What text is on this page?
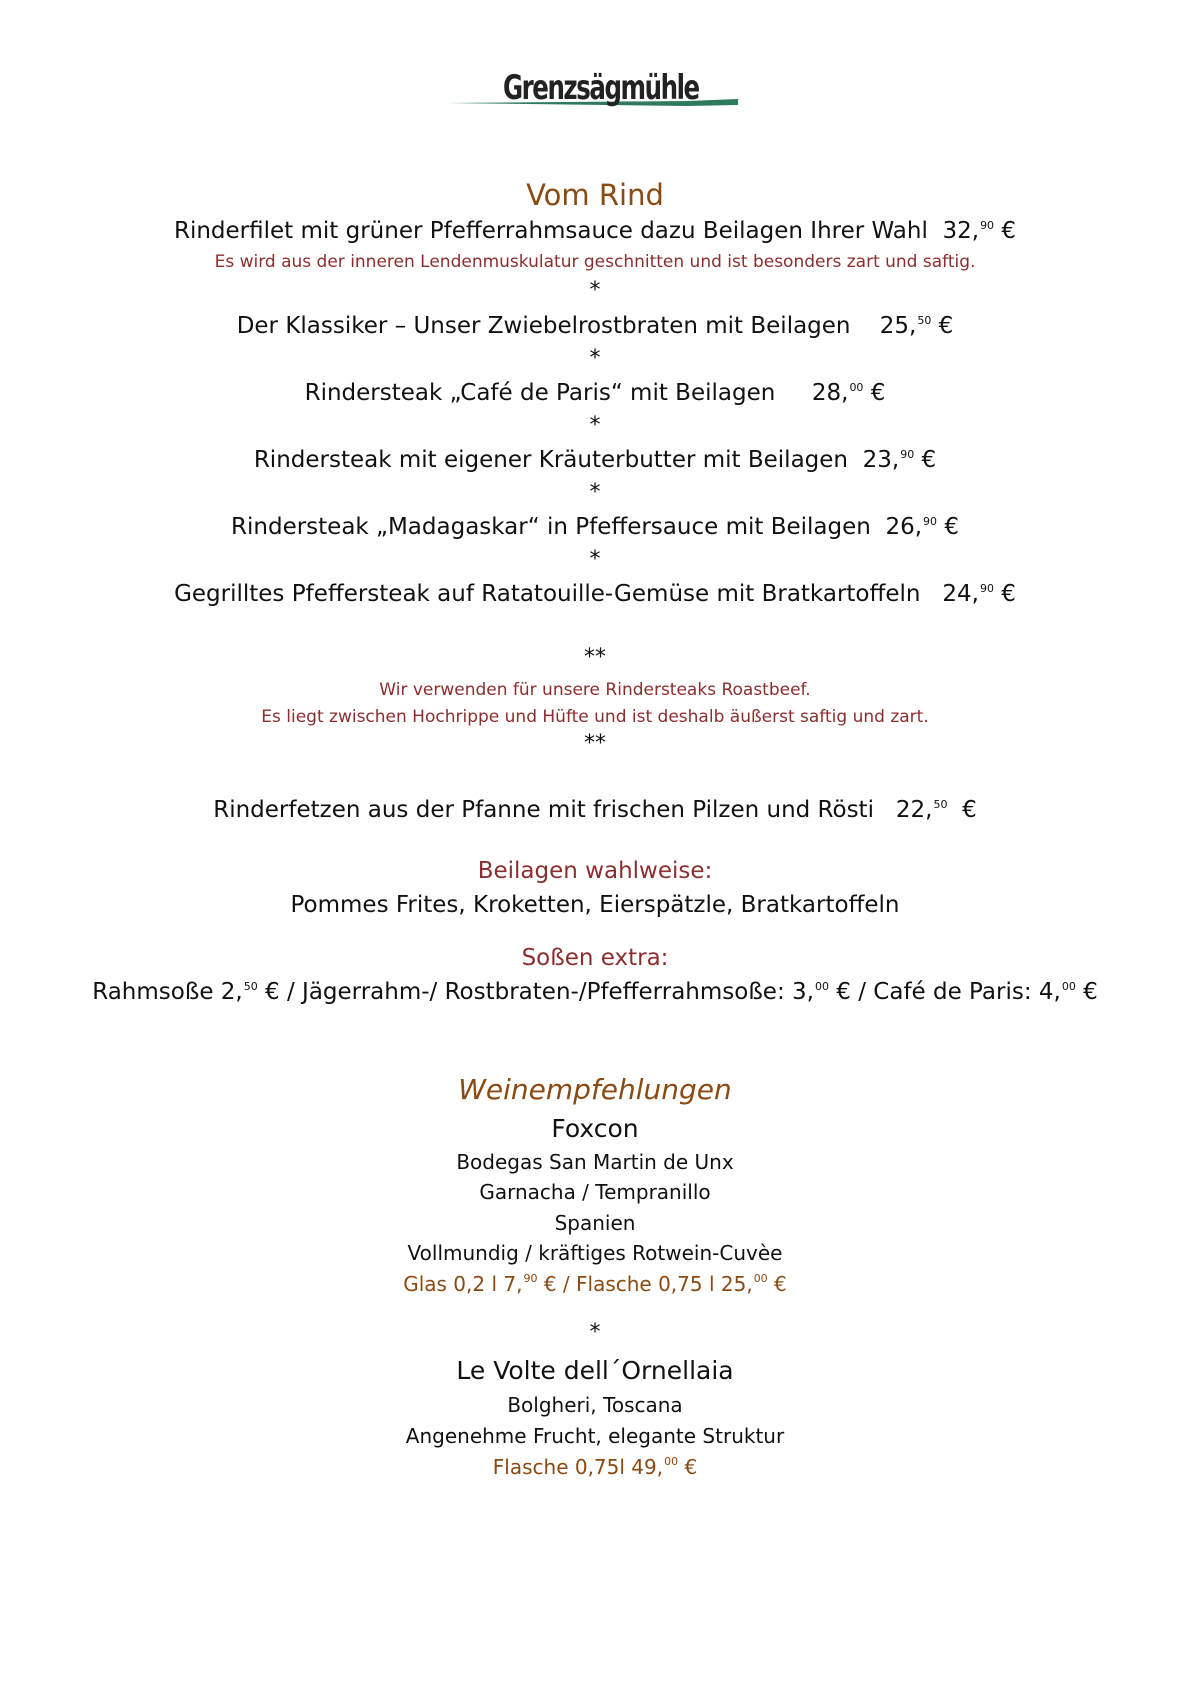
Grenzsägmühle
Vom Rind
Rinderfilet mit grüner Pfefferrahmsauce dazu Beilagen Ihrer Wahl 32,90 €
Es wird aus der inneren Lendenmuskulatur geschnitten und ist besonders zart und saftig.
*
Der Klassiker – Unser Zwiebelrostbraten mit Beilagen 25,50 €
*
Rindersteak „Café de Paris“ mit Beilagen 28,00 €
*
Rindersteak mit eigener Kräuterbutter mit Beilagen 23,90 €
*
Rindersteak „Madagaskar“ in Pfeffersauce mit Beilagen 26,90 €
*
Gegrilltes Pfeffersteak auf Ratatouille-Gemüse mit Bratkartoffeln 24,90 €
**
Wir verwenden für unsere Rindersteaks Roastbeef.
Es liegt zwischen Hochrippe und Hüfte und ist deshalb äußerst saftig und zart.
**
Rinderfetzen aus der Pfanne mit frischen Pilzen und Rösti 22,50 €
Beilagen wahlweise:
Pommes Frites, Kroketten, Eierspätzle, Bratkartoffeln
Soßen extra:
Rahmsoße 2,50 € / Jägerrahm-/ Rostbraten-/Pfefferrahmsoße: 3,00 € / Café de Paris: 4,00 €
Weinempfehlungen
Foxcon
Bodegas San Martin de Unx
Garnacha / Tempranillo
Spanien
Vollmundig / kräftiges Rotwein-Cuvèe
Glas 0,2 l 7,90 € / Flasche 0,75 l 25,00 €
*
Le Volte dell´Ornellaia
Bolgheri, Toscana
Angenehme Frucht, elegante Struktur
Flasche 0,75l 49,00 €
